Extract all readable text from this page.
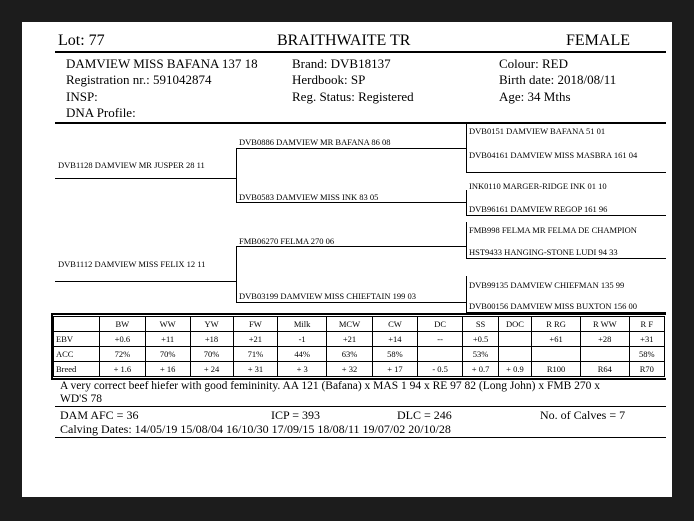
Lot: 77	BRAITHWAITE TR	FEMALE
DAMVIEW MISS BAFANA 137 18	Brand: DVB18137	Colour: RED
Registration nr.: 591042874	Herdbook: SP	Birth date: 2018/08/11
INSP:	Reg. Status: Registered	Age: 34 Mths
DNA Profile:
DVB1128 DAMVIEW MR JUSPER 28 11
DVB1112 DAMVIEW MISS FELIX 12 11
DVB0886 DAMVIEW MR BAFANA 86 08
DVB0583 DAMVIEW MISS INK 83 05
FMB06270 FELMA 270 06
DVB03199 DAMVIEW MISS CHIEFTAIN 199 03
DVB0151 DAMVIEW BAFANA 51 01
DVB04161 DAMVIEW MISS MASBRA 161 04
INK0110 MARGER-RIDGE INK 01 10
DVB96161 DAMVIEW REGOP 161 96
FMB998 FELMA MR FELMA DE CHAMPION
HST9433 HANGING-STONE LUDI 94 33
DVB99135 DAMVIEW CHIEFMAN 135 99
DVB00156 DAMVIEW MISS BUXTON 156 00
	BW	WW	YW	FW	Milk	MCW	CW	DC	SS	DOC	R RG	R WW	R F
EBV	+0.6	+11	+18	+21	-1	+21	+14	--	+0.5		+61	+28	+31
ACC	72%	70%	70%	71%	44%	63%	58%		53%				58%
Breed	+ 1.6	+ 16	+ 24	+ 31	+ 3	+ 32	+ 17	- 0.5	+ 0.7	+ 0.9	R100	R64	R70
A very correct beef hiefer with good femininity. AA 121 (Bafana) x MAS 1 94 x RE 97 82 (Long John) x FMB 270 x
WD'S 78
DAM AFC = 36	ICP = 393	DLC = 246	No. of Calves = 7
Calving Dates: 14/05/19 15/08/04 16/10/30 17/09/15 18/08/11 19/07/02 20/10/28
